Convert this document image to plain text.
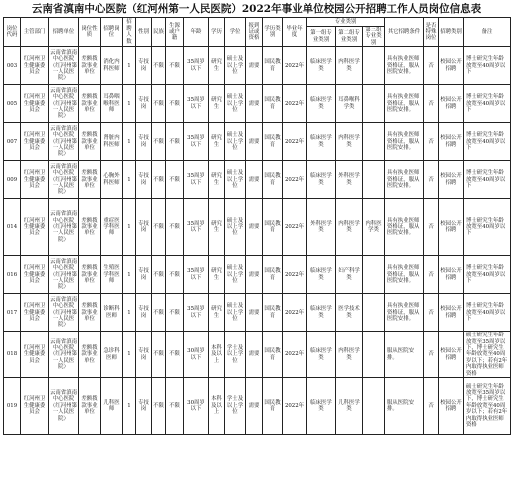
云南省滇南中心医院（红河州第一人民医院）2022年事业单位校园公开招聘工作人员岗位信息表
岗位代码	主管部门	招聘单位	岗位性质	招聘岗位	招聘人数	性别	民族	生源或户籍	年龄	学历	学位	报到证或资格	学历类别	毕业年度	专业类别			其它招聘条件	是否特殊岗位	招聘类别	备注
															第一组专业类别	第二组专业类别	第三组专业类别				
003	红河州卫生健康委员会	云南省滇南中心医院（红河州第一人民医院）	差额拨款事业单位	消化内科医师	1	专技岗	不限	不限	35周岁以下	研究生	硕士及以上学位	需要	国民教育	2022年	临床医学类	内科医学类		具有执业医师资格证，服从医院安排。	否	校园公开招聘	博士研究生年龄放宽至40周岁以下
005	红河州卫生健康委员会	云南省滇南中心医院（红河州第一人民医院）	差额拨款事业单位	耳鼻咽喉科医师	1	专技岗	不限	不限	35周岁以下	研究生	硕士及以上学位	需要	国民教育	2022年	临床医学类	耳鼻喉科学类		具有执业医师资格证，服从医院安排。	否	校园公开招聘	博士研究生年龄放宽至40周岁以下
007	红河州卫生健康委员会	云南省滇南中心医院（红河州第一人民医院）	差额拨款事业单位	肾脏内科医师	1	专技岗	不限	不限	35周岁以下	研究生	硕士及以上学位	需要	国民教育	2022年	临床医学类	内科医学类		具有执业医师资格证，服从医院安排。	否	校园公开招聘	博士研究生年龄放宽至40周岁以下
009	红河州卫生健康委员会	云南省滇南中心医院（红河州第一人民医院）	差额拨款事业单位	心胸外科医师	1	专技岗	不限	不限	35周岁以下	研究生	硕士及以上学位	需要	国民教育	2022年	临床医学类	外科医学类		具有执业医师资格证，服从医院安排。	否	校园公开招聘	博士研究生年龄放宽至40周岁以下
014	红河州卫生健康委员会	云南省滇南中心医院（红河州第一人民医院）	差额拨款事业单位	重症医学科医师	1	专技岗	不限	不限	35周岁以下	研究生	硕士及以上学位	需要	国民教育	2022年	外科医学类	内科医学类	内科医学类	具有执业医师资格证，服从医院安排。	否	校园公开招聘	博士研究生年龄放宽至40周岁以下
016	红河州卫生健康委员会	云南省滇南中心医院（红河州第一人民医院）	差额拨款事业单位	生殖医学科医师	1	专技岗	不限	不限	35周岁以下	研究生	硕士及以上学位	需要	国民教育	2022年	临床医学类	妇产科学类		具有执业医师资格证，服从医院安排。	否	校园公开招聘	博士研究生年龄放宽至40周岁以下
017	红河州卫生健康委员会	云南省滇南中心医院（红河州第一人民医院）	差额拨款事业单位	诊断科医师	1	专技岗	不限	不限	35周岁以下	研究生	硕士及以上学位	需要	国民教育	2022年	临床医学类	医学技术类		具有执业医师资格证，服从医院安排。	否	校园公开招聘	博士研究生年龄放宽至40周岁以下
018	红河州卫生健康委员会	云南省滇南中心医院（红河州第一人民医院）	差额拨款事业单位	急诊科医师	1	专技岗	不限	不限	30周岁以下	本科及以上	学士及以上学位	需要	国民教育	2022年	临床医学类	内科医学类		服从医院安排。	否	校园公开招聘	硕士研究生年龄放宽至35周岁以下，博士研究生年龄放宽至40周岁以下；若有2年内取得执业医师资格
019	红河州卫生健康委员会	云南省滇南中心医院（红河州第一人民医院）	差额拨款事业单位	儿科医师	1	专技岗	不限	不限	30周岁以下	本科及以上	学士及以上学位	需要	国民教育	2022年	临床医学类	儿科医学类		服从医院安排。	否	校园公开招聘	硕士研究生年龄放宽至35周岁以下，博士研究生年龄放宽至40周岁以下；若有2年内取得执业医师资格
